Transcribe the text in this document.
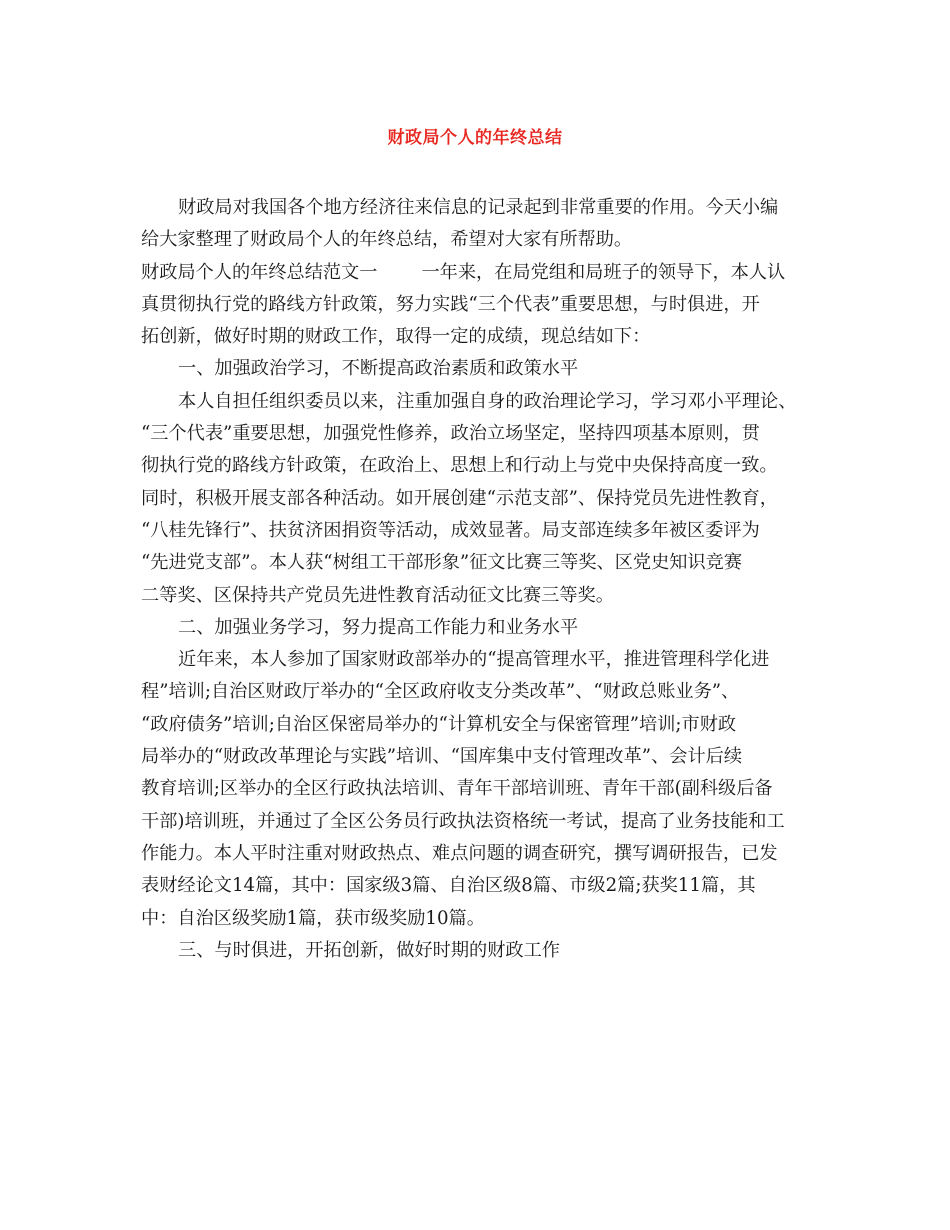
财政局个人的年终总结
财政局对我国各个地方经济往来信息的记录起到非常重要的作用。今天小编
给大家整理了财政局个人的年终总结，希望对大家有所帮助。
财政局个人的年终总结范文一 一年来，在局党组和局班子的领导下，本人认
真贯彻执行党的路线方针政策，努力实践“三个代表”重要思想，与时俱进，开
拓创新，做好时期的财政工作，取得一定的成绩，现总结如下：
一、加强政治学习，不断提高政治素质和政策水平
本人自担任组织委员以来，注重加强自身的政治理论学习，学习邓小平理论、
“三个代表”重要思想，加强党性修养，政治立场坚定，坚持四项基本原则，贯
彻执行党的路线方针政策，在政治上、思想上和行动上与党中央保持高度一致。
同时，积极开展支部各种活动。如开展创建“示范支部”、保持党员先进性教育，
“八桂先锋行”、扶贫济困捐资等活动，成效显著。局支部连续多年被区委评为
“先进党支部”。本人获“树组工干部形象”征文比赛三等奖、区党史知识竞赛
二等奖、区保持共产党员先进性教育活动征文比赛三等奖。
二、加强业务学习，努力提高工作能力和业务水平
近年来，本人参加了国家财政部举办的“提高管理水平，推进管理科学化进
程”培训;自治区财政厅举办的“全区政府收支分类改革”、“财政总账业务”、
“政府债务”培训;自治区保密局举办的“计算机安全与保密管理”培训;市财政
局举办的“财政改革理论与实践”培训、“国库集中支付管理改革”、会计后续
教育培训;区举办的全区行政执法培训、青年干部培训班、青年干部(副科级后备
干部)培训班，并通过了全区公务员行政执法资格统一考试，提高了业务技能和工
作能力。本人平时注重对财政热点、难点问题的调查研究，撰写调研报告，已发
表财经论文14篇，其中：国家级3篇、自治区级8篇、市级2篇;获奖11篇，其
中：自治区级奖励1篇，获市级奖励10篇。
三、与时俱进，开拓创新，做好时期的财政工作
